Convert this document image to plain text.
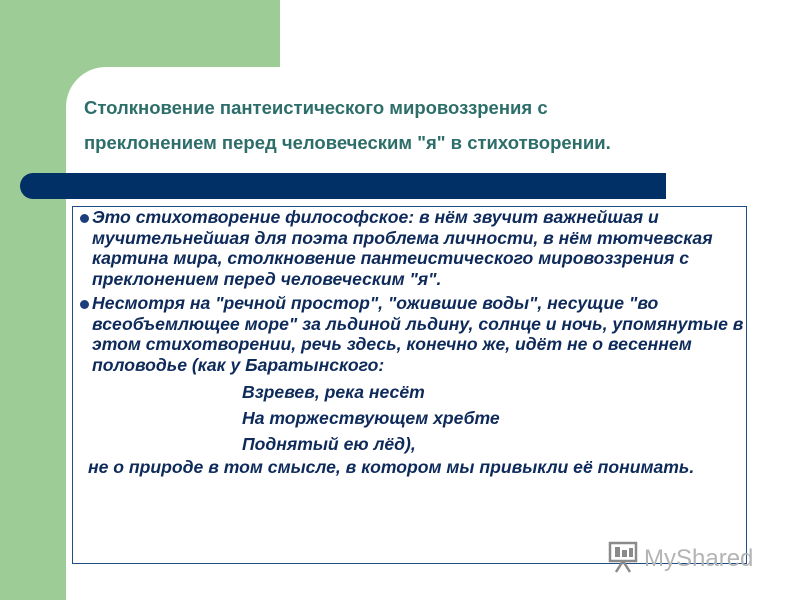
Столкновение пантеистического мировоззрения с
преклонением перед человеческим "я" в стихотворении.

Это стихотворение философское: в нём звучит важнейшая и мучительнейшая для поэта проблема личности, в нём тютчевская картина мира, столкновение пантеистического мировоззрения с преклонением перед человеческим "я".

Несмотря на "речной простор", "ожившие воды", несущие "во всеобъемлющее море" за льдиной льдину, солнце и ночь, упомянутые в этом стихотворении, речь здесь, конечно же, идёт не о весеннем половодье (как у Баратынского:

Взревев, река несёт

На торжествующем хребте

Поднятый ею лёд),

не о природе в том смысле, в котором мы привыкли её понимать.

MyShared
